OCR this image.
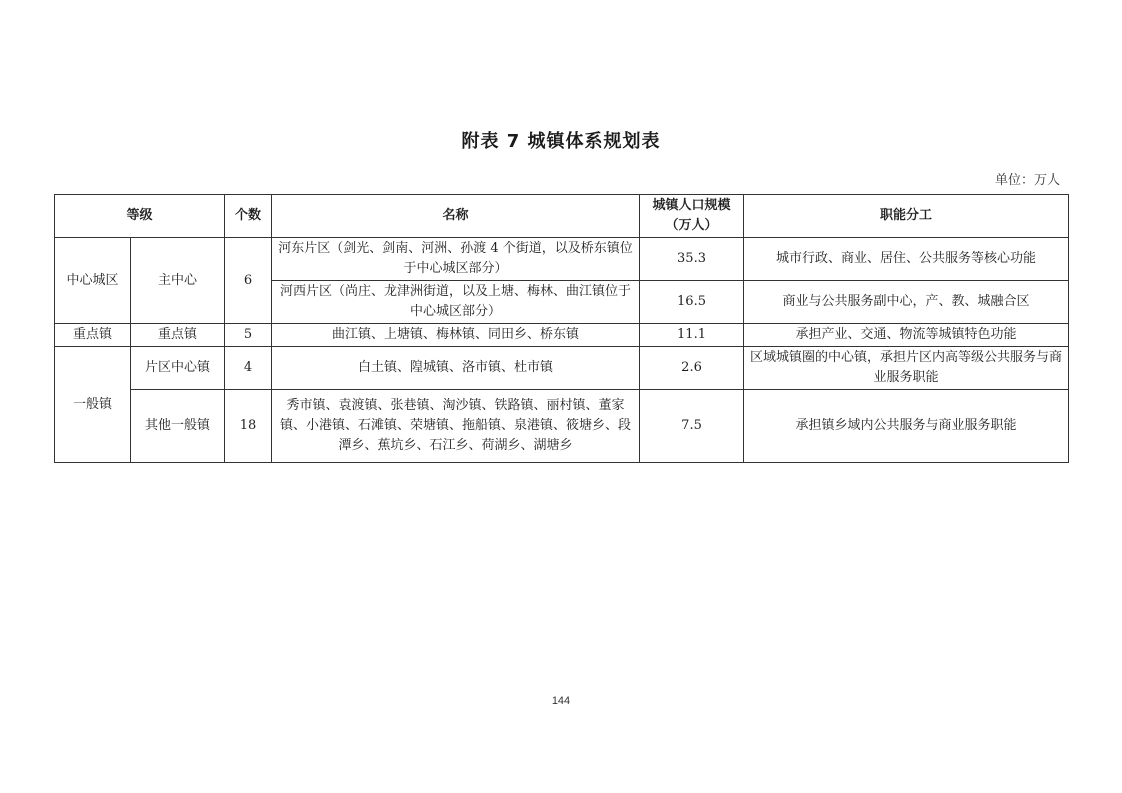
附表 7 城镇体系规划表
单位：万人
等级		个数	名称	城镇人口规模（万人）	职能分工
中心城区	主中心	6	河东片区（剑光、剑南、河洲、孙渡 4 个街道，以及桥东镇位于中心城区部分）	35.3	城市行政、商业、居住、公共服务等核心功能
			河西片区（尚庄、龙津洲街道，以及上塘、梅林、曲江镇位于中心城区部分）	16.5	商业与公共服务副中心，产、教、城融合区
重点镇	重点镇	5	曲江镇、上塘镇、梅林镇、同田乡、桥东镇	11.1	承担产业、交通、物流等城镇特色功能
一般镇	片区中心镇	4	白土镇、隍城镇、洛市镇、杜市镇	2.6	区域城镇圈的中心镇，承担片区内高等级公共服务与商业服务职能
	其他一般镇	18	秀市镇、袁渡镇、张巷镇、淘沙镇、铁路镇、丽村镇、董家镇、小港镇、石滩镇、荣塘镇、拖船镇、泉港镇、筱塘乡、段潭乡、蕉坑乡、石江乡、荷湖乡、湖塘乡	7.5	承担镇乡域内公共服务与商业服务职能
144
